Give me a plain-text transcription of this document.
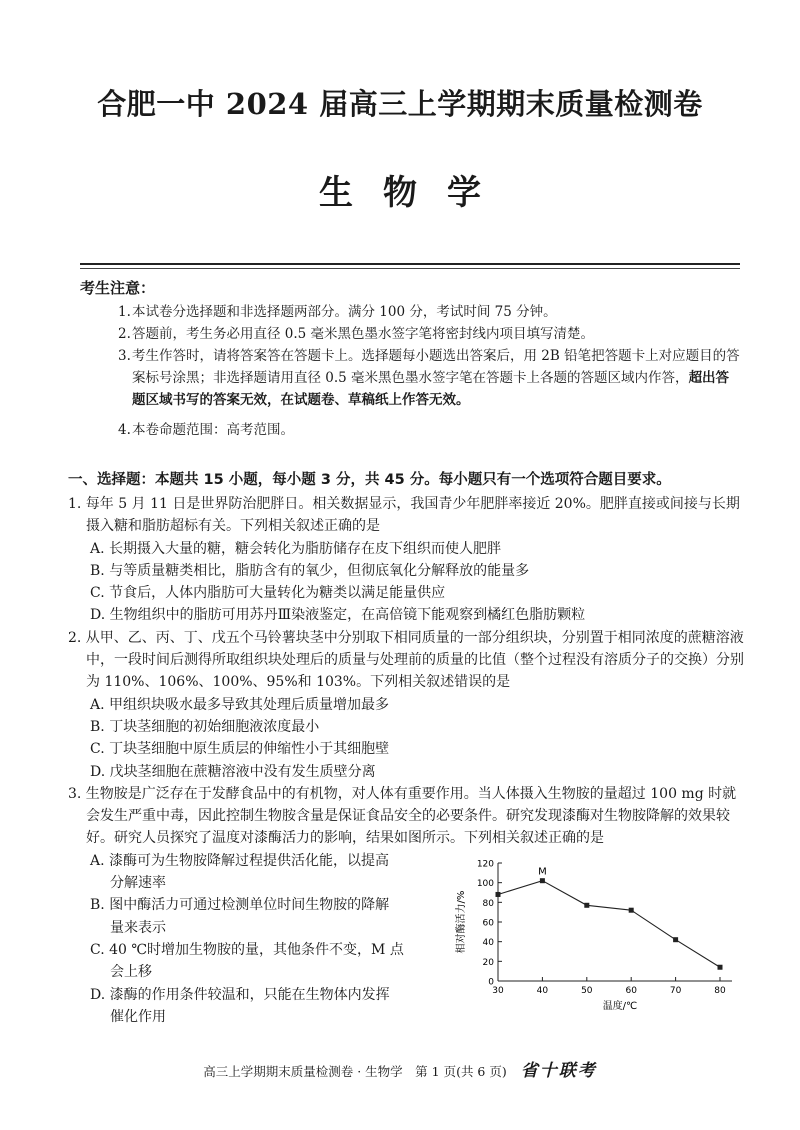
合肥一中 2024 届高三上学期期末质量检测卷
生物学
考生注意：
1. 本试卷分选择题和非选择题两部分。满分 100 分，考试时间 75 分钟。
2. 答题前，考生务必用直径 0.5 毫米黑色墨水签字笔将密封线内项目填写清楚。
3. 考生作答时，请将答案答在答题卡上。选择题每小题选出答案后，用 2B 铅笔把答题卡上对应题目的答案标号涂黑；非选择题请用直径 0.5 毫米黑色墨水签字笔在答题卡上各题的答题区域内作答，超出答题区域书写的答案无效，在试题卷、草稿纸上作答无效。
4. 本卷命题范围：高考范围。
一、选择题：本题共 15 小题，每小题 3 分，共 45 分。每小题只有一个选项符合题目要求。
1. 每年 5 月 11 日是世界防治肥胖日。相关数据显示，我国青少年肥胖率接近 20%。肥胖直接或间接与长期摄入糖和脂肪超标有关。下列相关叙述正确的是
A. 长期摄入大量的糖，糖会转化为脂肪储存在皮下组织而使人肥胖
B. 与等质量糖类相比，脂肪含有的氧少，但彻底氧化分解释放的能量多
C. 节食后，人体内脂肪可大量转化为糖类以满足能量供应
D. 生物组织中的脂肪可用苏丹Ⅲ染液鉴定，在高倍镜下能观察到橘红色脂肪颗粒
2. 从甲、乙、丙、丁、戊五个马铃薯块茎中分别取下相同质量的一部分组织块，分别置于相同浓度的蔗糖溶液中，一段时间后测得所取组织块处理后的质量与处理前的质量的比值（整个过程没有溶质分子的交换）分别为 110%、106%、100%、95%和 103%。下列相关叙述错误的是
A. 甲组织块吸水最多导致其处理后质量增加最多
B. 丁块茎细胞的初始细胞液浓度最小
C. 丁块茎细胞中原生质层的伸缩性小于其细胞壁
D. 戊块茎细胞在蔗糖溶液中没有发生质壁分离
3. 生物胺是广泛存在于发酵食品中的有机物，对人体有重要作用。当人体摄入生物胺的量超过 100 mg 时就会发生严重中毒，因此控制生物胺含量是保证食品安全的必要条件。研究发现漆酶对生物胺降解的效果较好。研究人员探究了温度对漆酶活力的影响，结果如图所示。下列相关叙述正确的是
A. 漆酶可为生物胺降解过程提供活化能，以提高
分解速率
B. 图中酶活力可通过检测单位时间生物胺的降解
量来表示
C. 40 ℃时增加生物胺的量，其他条件不变，M 点
会上移
D. 漆酶的作用条件较温和，只能在生物体内发挥
催化作用
0
20
40
60
80
100
120
30	40	50	60	70	80
M
相对酶活力/%
温度/℃
高三上学期期末质量检测卷 · 生物学　第 1 页(共 6 页) 省十联考
